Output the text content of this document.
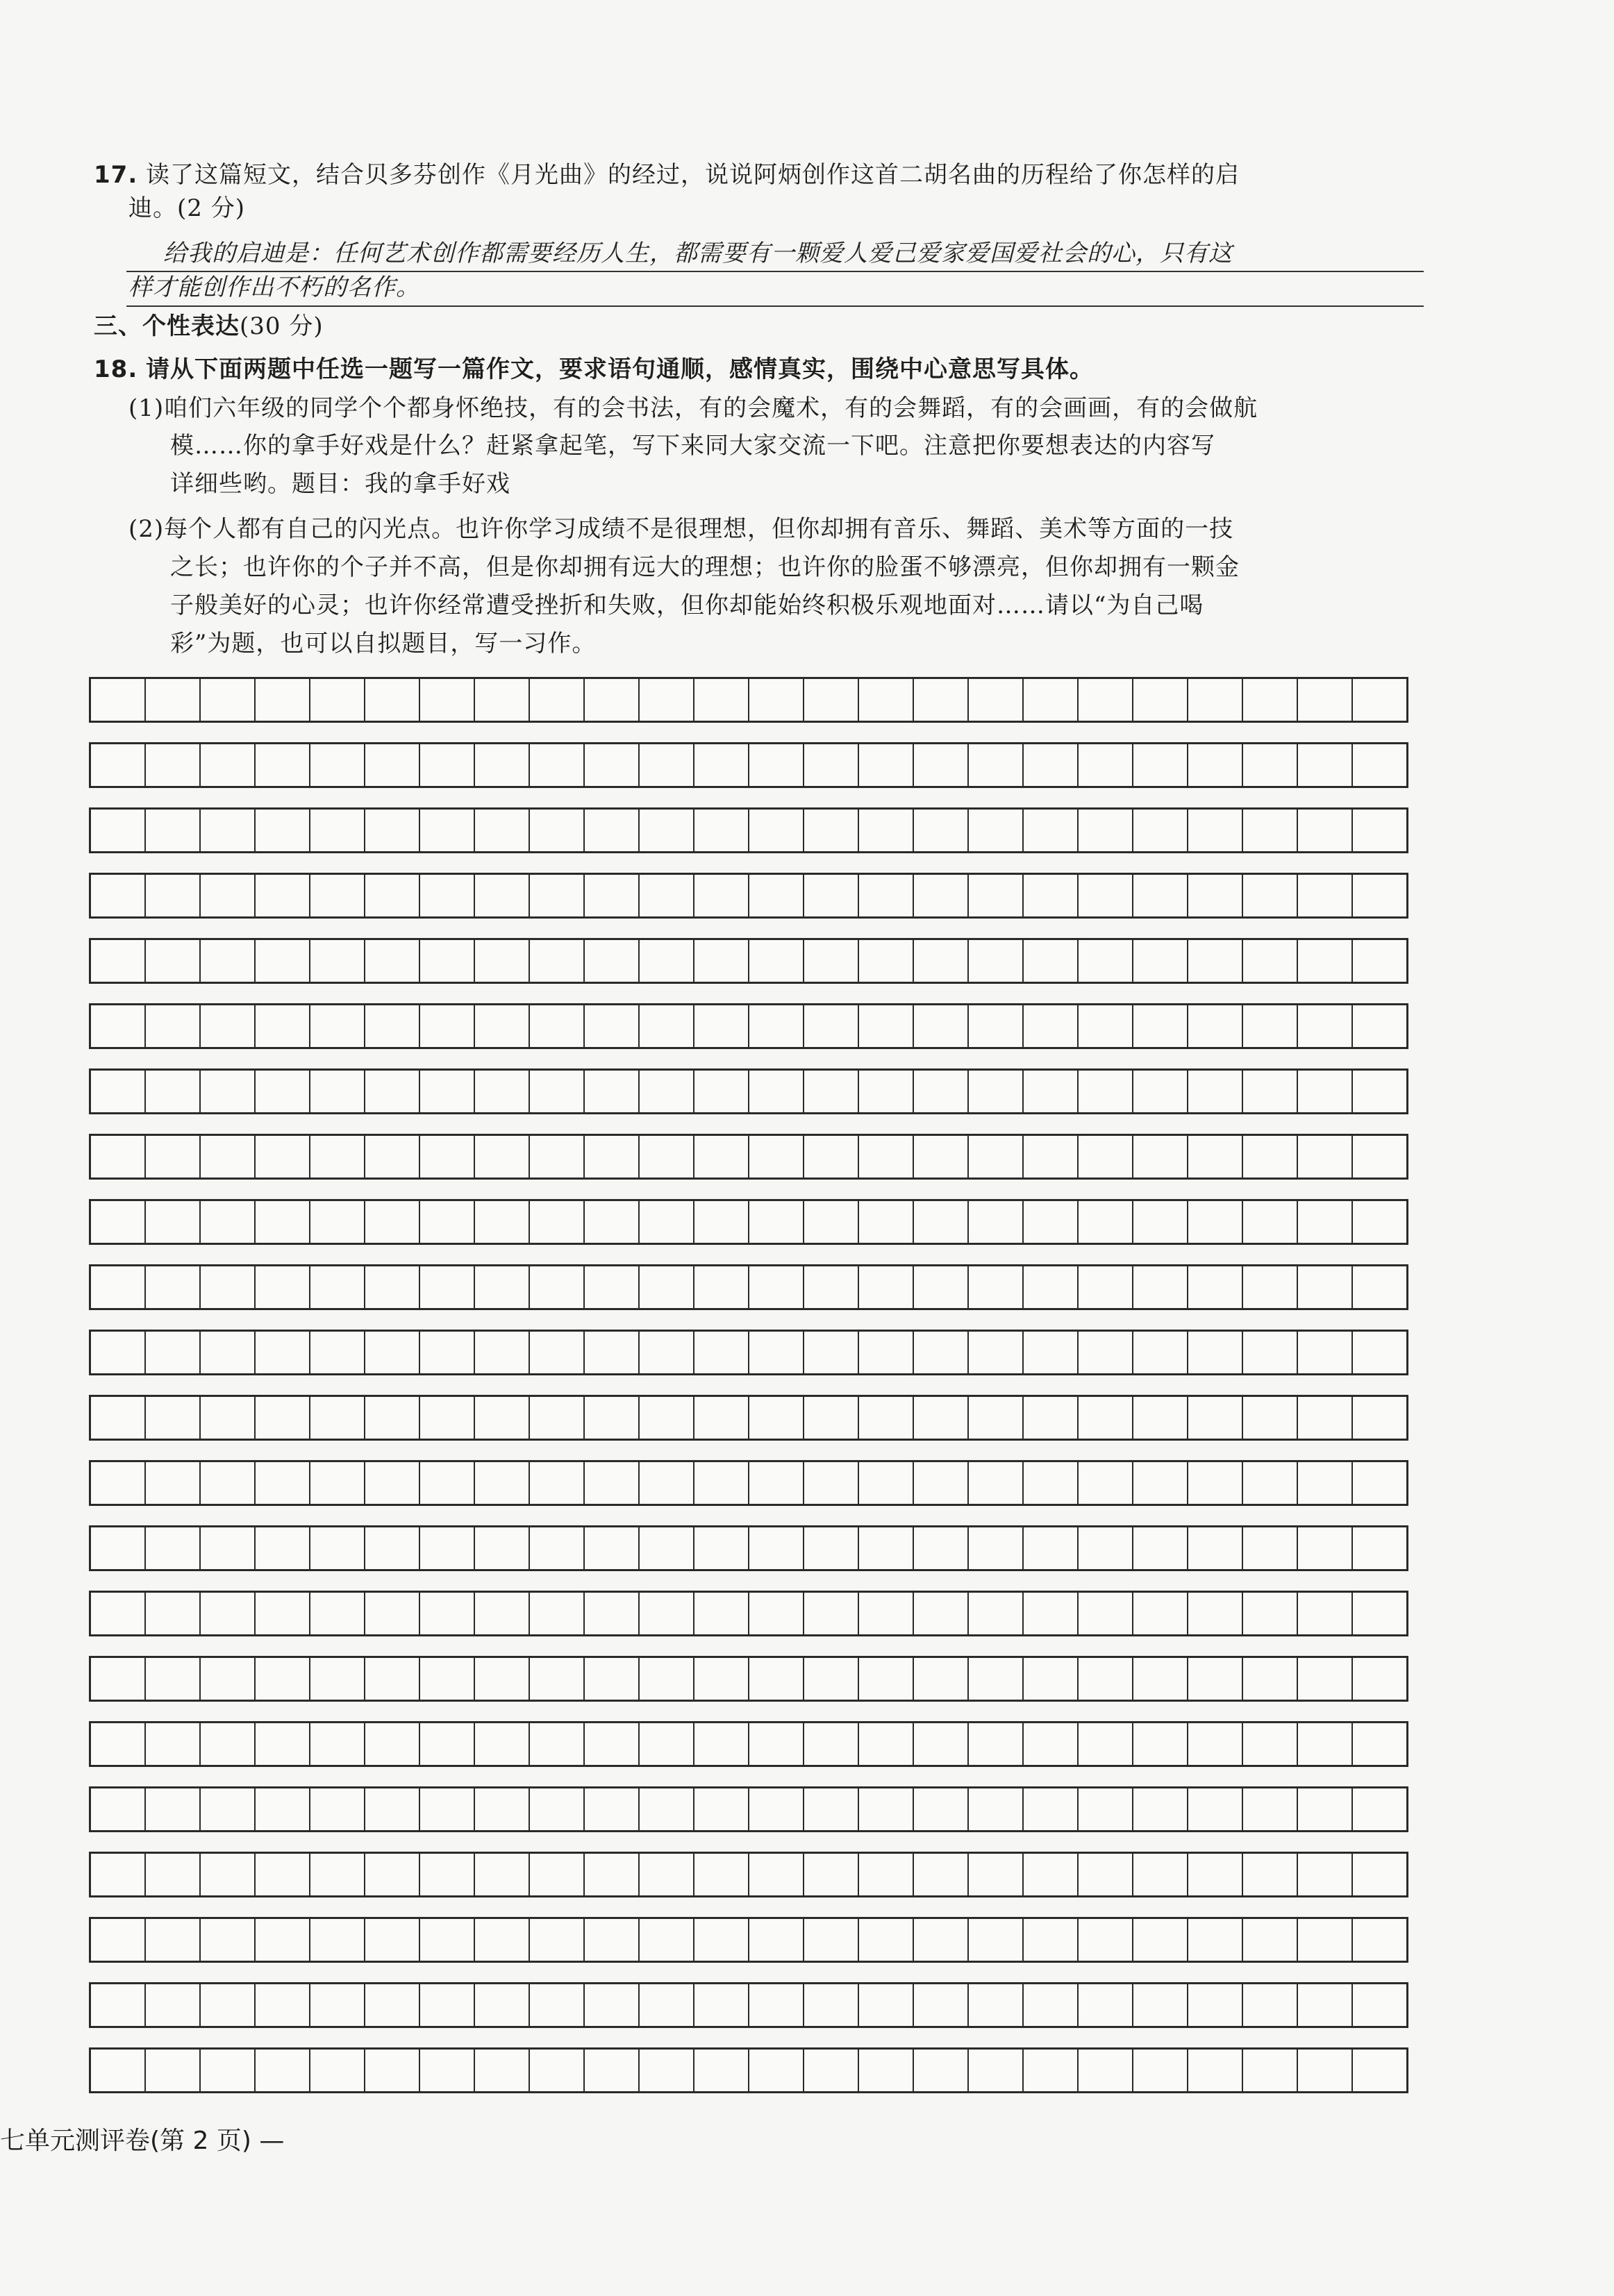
17. 读了这篇短文，结合贝多芬创作《月光曲》的经过，说说阿炳创作这首二胡名曲的历程给了你怎样的启
迪。(2 分)
给我的启迪是：任何艺术创作都需要经历人生，都需要有一颗爱人爱己爱家爱国爱社会的心，只有这
样才能创作出不朽的名作。
三、个性表达(30 分)
18. 请从下面两题中任选一题写一篇作文，要求语句通顺，感情真实，围绕中心意思写具体。
(1)咱们六年级的同学个个都身怀绝技，有的会书法，有的会魔术，有的会舞蹈，有的会画画，有的会做航
模……你的拿手好戏是什么？赶紧拿起笔，写下来同大家交流一下吧。注意把你要想表达的内容写
详细些哟。题目：我的拿手好戏
(2)每个人都有自己的闪光点。也许你学习成绩不是很理想，但你却拥有音乐、舞蹈、美术等方面的一技
之长；也许你的个子并不高，但是你却拥有远大的理想；也许你的脸蛋不够漂亮，但你却拥有一颗金
子般美好的心灵；也许你经常遭受挫折和失败，但你却能始终积极乐观地面对……请以“为自己喝
彩”为题，也可以自拟题目，写一习作。
七单元测评卷(第 2 页) —
